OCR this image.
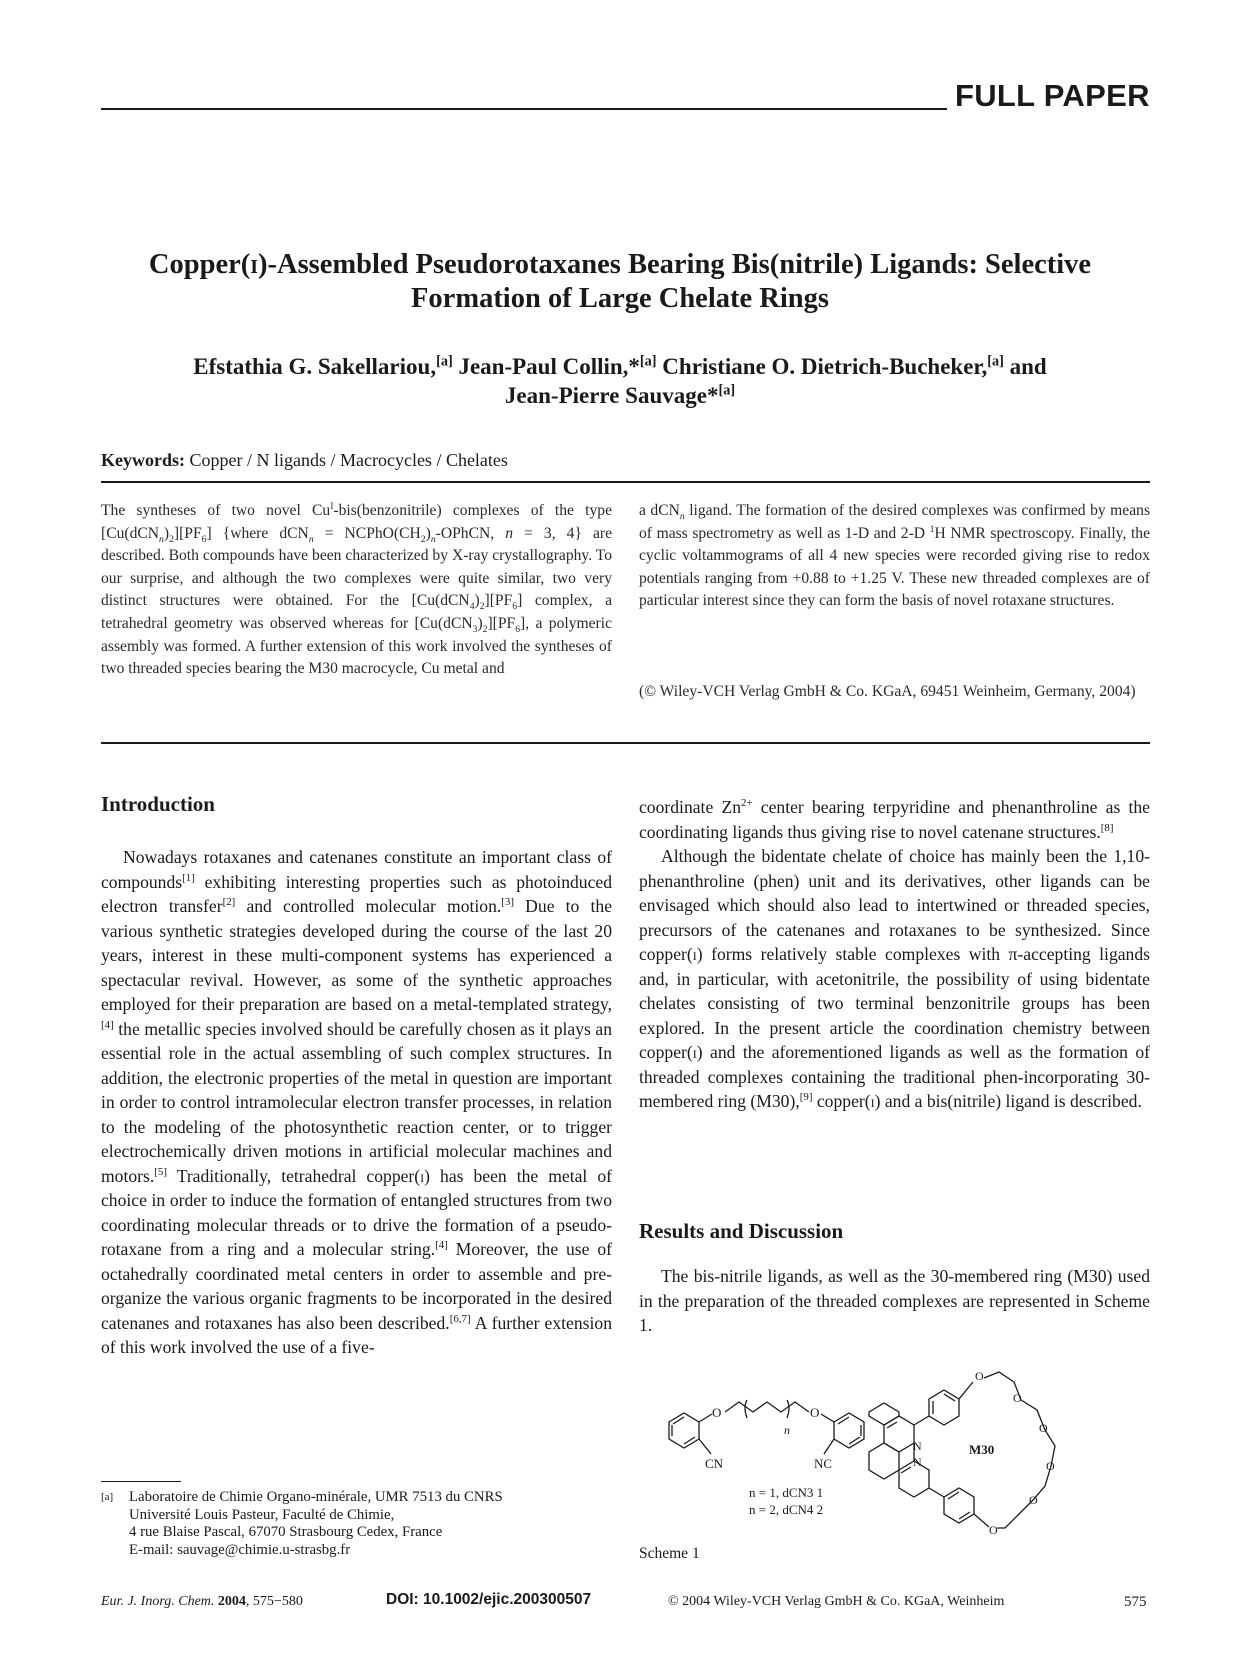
FULL PAPER
Copper(i)-Assembled Pseudorotaxanes Bearing Bis(nitrile) Ligands: Selective
Formation of Large Chelate Rings
Efstathia G. Sakellariou,[a] Jean-Paul Collin,*[a] Christiane O. Dietrich-Bucheker,[a] and
Jean-Pierre Sauvage*[a]
Keywords: Copper / N ligands / Macrocycles / Chelates
The syntheses of two novel $Cu^I-bis(benzonitrile)$ complexes of the type $[Cu(dCN_n)_2][PF_6]$ {where $dCN_n = NCPhO(CH_2)_n$-OPhCN, n = 3, 4} are described. Both compounds have been characterized by X-ray crystallography. To our surprise, and although the two complexes were quite similar, two very distinct structures were obtained. For the $[Cu(dCN_4)_2][PF_6]$ complex, a tetrahedral geometry was observed whereas for $[Cu(dCN_3)_2][PF_6]$, a polymeric assembly was formed. A further extension of this work involved the syntheses of two threaded species bearing the M30 macrocycle, Cu metal and
a dCN$_n$ ligand. The formation of the desired complexes was confirmed by means of mass spectrometry as well as 1-D and 2-D $^1$H NMR spectroscopy. Finally, the cyclic voltammograms of all 4 new species were recorded giving rise to redox potentials ranging from +0.88 to +1.25 V. These new threaded complexes are of particular interest since they can form the basis of novel rotaxane structures.
(© Wiley-VCH Verlag GmbH & Co. KGaA, 69451 Weinheim, Germany, 2004)
Introduction

Nowadays rotaxanes and catenanes constitute an important class of compounds[1] exhibiting interesting properties such as photoinduced electron transfer[2] and controlled molecular motion.[3] Due to the various synthetic strategies developed during the course of the last 20 years, interest in these multi-component systems has experienced a spectacular revival. However, as some of the synthetic approaches employed for their preparation are based on a metal-templated strategy,[4] the metallic species involved should be carefully chosen as it plays an essential role in the actual assembling of such complex structures. In addition, the electronic properties of the metal in question are important in order to control intramolecular electron transfer processes, in relation to the modeling of the photosynthetic reaction center, or to trigger electrochemically driven motions in artificial molecular machines and motors.[5] Traditionally, tetrahedral copper(i) has been the metal of choice in order to induce the formation of entangled structures from two coordinating molecular threads or to drive the formation of a pseudo-rotaxane from a ring and a molecular string.[4] Moreover, the use of octahedrally coordinated metal centers in order to assemble and pre-organize the various organic fragments to be incorporated in the desired catenanes and rotaxanes has also been described.[6,7] A further extension of this work involved the use of a five-

[a] Laboratoire de Chimie Organo-minérale, UMR 7513 du CNRS
Université Louis Pasteur, Faculté de Chimie,
4 rue Blaise Pascal, 67070 Strasbourg Cedex, France
E-mail: sauvage@chimie.u-strasbg.fr

coordinate $Zn^{2+}$ center bearing terpyridine and phenanthroline as the coordinating ligands thus giving rise to novel catenane structures.[8]

Although the bidentate chelate of choice has mainly been the 1,10-phenanthroline (phen) unit and its derivatives, other ligands can be envisaged which should also lead to intertwined or threaded species, precursors of the catenanes and rotaxanes to be synthesized. Since copper(i) forms relatively stable complexes with π-accepting ligands and, in particular, with acetonitrile, the possibility of using bidentate chelates consisting of two terminal benzonitrile groups has been explored. In the present article the coordination chemistry between copper(i) and the aforementioned ligands as well as the formation of threaded complexes containing the traditional phen-incorporating 30-membered ring (M30),[9] copper(i) and a bis(nitrile) ligand is described.

Results and Discussion

The bis-nitrile ligands, as well as the 30-membered ring (M30) used in the preparation of the threaded complexes are represented in Scheme 1.

CN
O
n
O
NC
n = 1, dCN3 1
n = 2, dCN4 2
N
N
O
O
O
O
O
O
M30
Scheme 1
Eur. J. Inorg. Chem. 2004, 575−580	DOI: 10.1002/ejic.200300507	© 2004 Wiley-VCH Verlag GmbH & Co. KGaA, Weinheim	575
